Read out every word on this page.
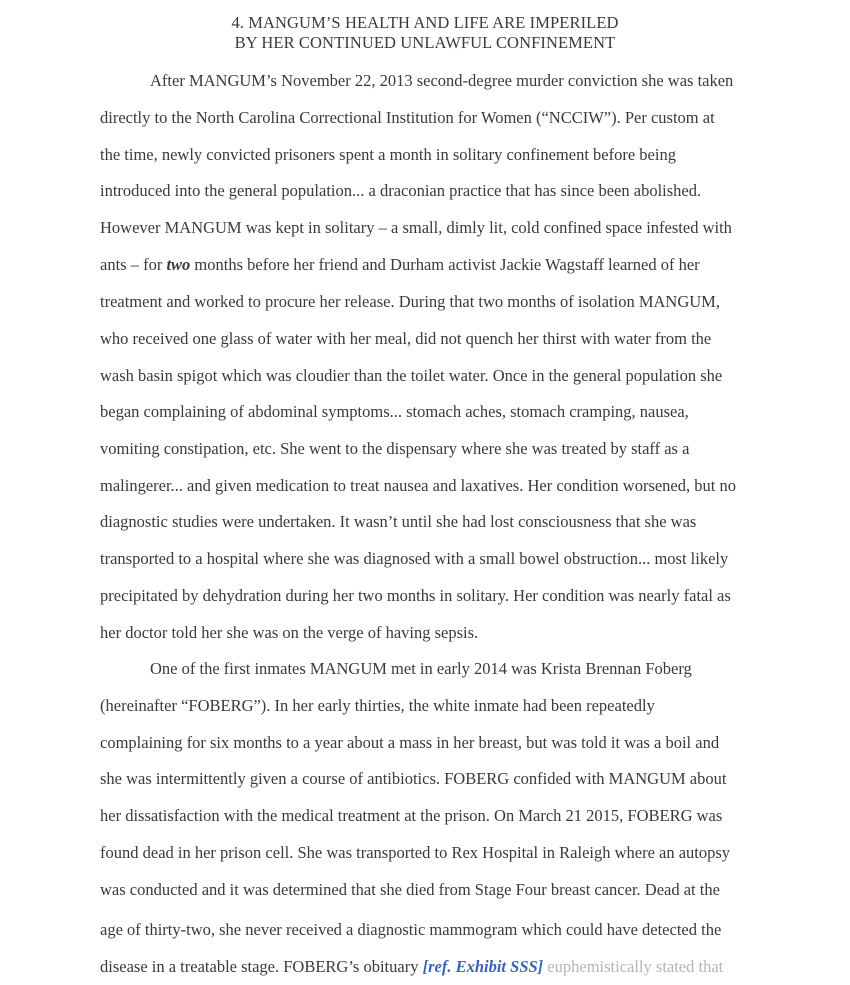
4. MANGUM’S HEALTH AND LIFE ARE IMPERILED
BY HER CONTINUED UNLAWFUL CONFINEMENT
After MANGUM’s November 22, 2013 second-degree murder conviction she was taken
directly to the North Carolina Correctional Institution for Women (“NCCIW”). Per custom at
the time, newly convicted prisoners spent a month in solitary confinement before being
introduced into the general population... a draconian practice that has since been abolished.
However MANGUM was kept in solitary – a small, dimly lit, cold confined space infested with
ants – for two months before her friend and Durham activist Jackie Wagstaff learned of her
treatment and worked to procure her release. During that two months of isolation MANGUM,
who received one glass of water with her meal, did not quench her thirst with water from the
wash basin spigot which was cloudier than the toilet water. Once in the general population she
began complaining of abdominal symptoms... stomach aches, stomach cramping, nausea,
vomiting constipation, etc. She went to the dispensary where she was treated by staff as a
malingerer... and given medication to treat nausea and laxatives. Her condition worsened, but no
diagnostic studies were undertaken. It wasn’t until she had lost consciousness that she was
transported to a hospital where she was diagnosed with a small bowel obstruction... most likely
precipitated by dehydration during her two months in solitary. Her condition was nearly fatal as
her doctor told her she was on the verge of having sepsis.
One of the first inmates MANGUM met in early 2014 was Krista Brennan Foberg
(hereinafter “FOBERG”). In her early thirties, the white inmate had been repeatedly
complaining for six months to a year about a mass in her breast, but was told it was a boil and
she was intermittently given a course of antibiotics. FOBERG confided with MANGUM about
her dissatisfaction with the medical treatment at the prison. On March 21 2015, FOBERG was
found dead in her prison cell. She was transported to Rex Hospital in Raleigh where an autopsy
was conducted and it was determined that she died from Stage Four breast cancer. Dead at the
age of thirty-two, she never received a diagnostic mammogram which could have detected the
disease in a treatable stage. FOBERG’s obituary [ref. Exhibit SSS] euphemistically stated that
